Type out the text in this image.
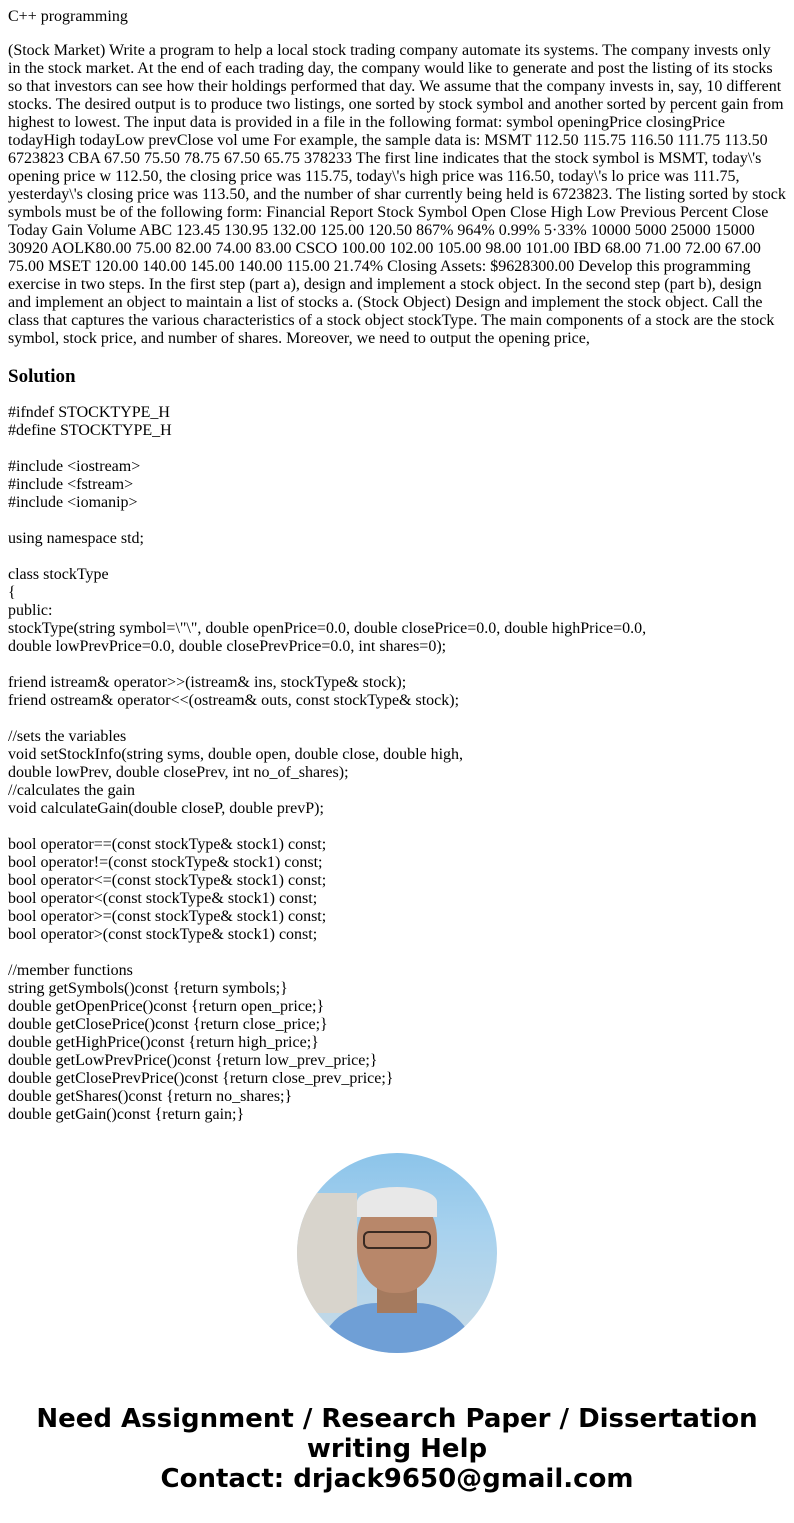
C++ programming

(Stock Market) Write a program to help a local stock trading company automate its systems. The company invests only in the stock market. At the end of each trading day, the company would like to generate and post the listing of its stocks so that investors can see how their holdings performed that day. We assume that the company invests in, say, 10 different stocks. The desired output is to produce two listings, one sorted by stock symbol and another sorted by percent gain from highest to lowest. The input data is provided in a file in the following format: symbol openingPrice closingPrice todayHigh todayLow prevClose vol ume For example, the sample data is: MSMT 112.50 115.75 116.50 111.75 113.50 6723823 CBA 67.50 75.50 78.75 67.50 65.75 378233 The first line indicates that the stock symbol is MSMT, today\'s opening price w 112.50, the closing price was 115.75, today\'s high price was 116.50, today\'s lo price was 111.75, yesterday\'s closing price was 113.50, and the number of shar currently being held is 6723823. The listing sorted by stock symbols must be of the following form: Financial Report Stock Symbol Open Close High Low Previous Percent Close Today Gain Volume ABC 123.45 130.95 132.00 125.00 120.50 867% 964% 0.99% 5·33% 10000 5000 25000 15000 30920 AOLK80.00 75.00 82.00 74.00 83.00 CSCO 100.00 102.00 105.00 98.00 101.00 IBD 68.00 71.00 72.00 67.00 75.00 MSET 120.00 140.00 145.00 140.00 115.00 21.74% Closing Assets: $9628300.00 Develop this programming exercise in two steps. In the first step (part a), design and implement a stock object. In the second step (part b), design and implement an object to maintain a list of stocks a. (Stock Object) Design and implement the stock object. Call the class that captures the various characteristics of a stock object stockType. The main components of a stock are the stock symbol, stock price, and number of shares. Moreover, we need to output the opening price,

Solution

#ifndef STOCKTYPE_H
#define STOCKTYPE_H

#include <iostream>
#include <fstream>
#include <iomanip>

using namespace std;

class stockType
{
public:
stockType(string symbol=\"\", double openPrice=0.0, double closePrice=0.0, double highPrice=0.0,
double lowPrevPrice=0.0, double closePrevPrice=0.0, int shares=0);

friend istream& operator>>(istream& ins, stockType& stock);
friend ostream& operator<<(ostream& outs, const stockType& stock);

//sets the variables
void setStockInfo(string syms, double open, double close, double high,
double lowPrev, double closePrev, int no_of_shares);
//calculates the gain
void calculateGain(double closeP, double prevP);

bool operator==(const stockType& stock1) const;
bool operator!=(const stockType& stock1) const;
bool operator<=(const stockType& stock1) const;
bool operator<(const stockType& stock1) const;
bool operator>=(const stockType& stock1) const;
bool operator>(const stockType& stock1) const;

//member functions
string getSymbols()const {return symbols;}
double getOpenPrice()const {return open_price;}
double getClosePrice()const {return close_price;}
double getHighPrice()const {return high_price;}
double getLowPrevPrice()const {return low_prev_price;}
double getClosePrevPrice()const {return close_prev_price;}
double getShares()const {return no_shares;}
double getGain()const {return gain;}

Need Assignment / Research Paper / Dissertation writing Help
Contact: drjack9650@gmail.com
